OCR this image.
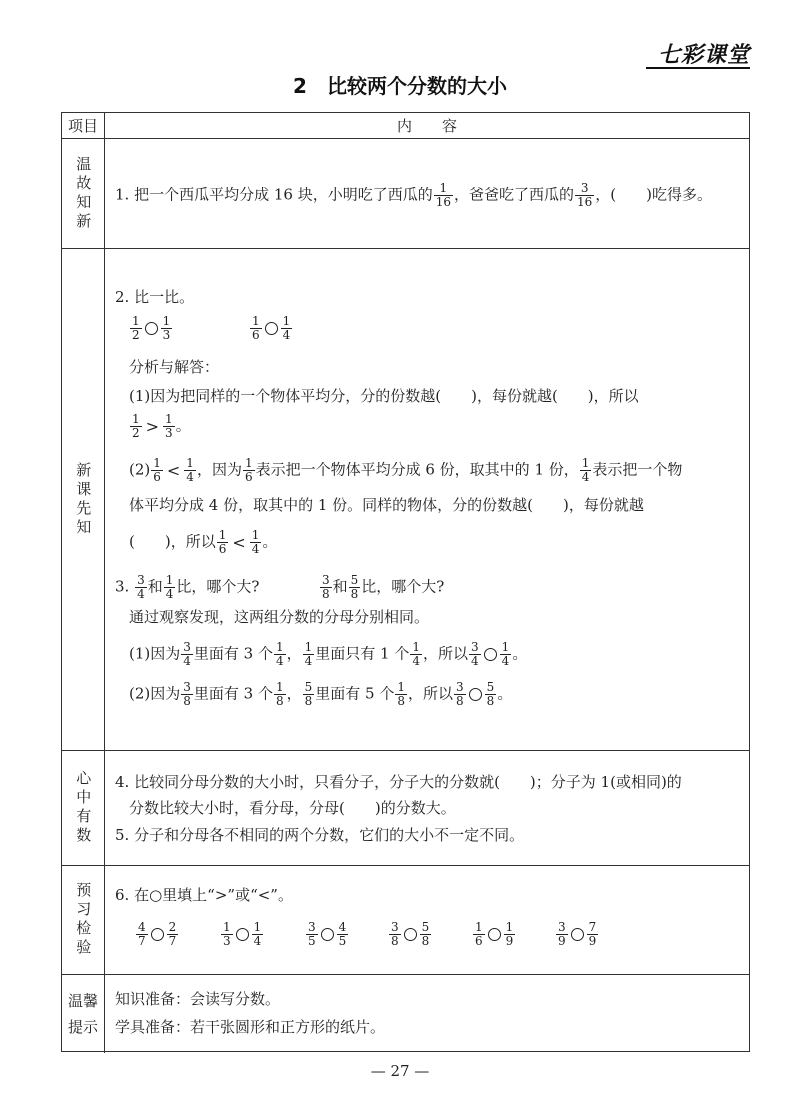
七彩课堂
2　比较两个分数的大小
项目	内　　容
温故知新 1. 把一个西瓜平均分成 16 块，小明吃了西瓜的 $\frac{1}{16}$ ，爸爸吃了西瓜的 $\frac{3}{16}$ ，(　　)吃得多。
新课先知
2. 比一比。
$\frac{1}{2} \frac{1}{3}$	$\frac{1}{6} \frac{1}{4}$
分析与解答：
(1)因为把同样的一个物体平均分，分的份数越(　　)，每份就越(　　)，所以
$\frac{1}{2} > \frac{1}{3}$ 。
$(2) \frac{1}{6} < \frac{1}{4}$ ，因为 $\frac{1}{6}$ 表示把一个物体平均分成 6 份，取其中的 1 份， $\frac{1}{4}$ 表示把一个物
体平均分成 4 份，取其中的 1 份。同样的物体，分的份数越(　　)，每份就越
(　　)，所以 $\frac{1}{6} < \frac{1}{4}$ 。
3. $\frac{3}{4}$ 和 $\frac{1}{4}$ 比，哪个大?	$\frac{3}{8}$ 和 $\frac{5}{8}$ 比，哪个大?
通过观察发现，这两组分数的分母分别相同。
(1)因为 $\frac{3}{4}$ 里面有 3 个 $\frac{1}{4}$ ， $\frac{1}{4}$ 里面只有 1 个 $\frac{1}{4}$ ，所以 $\frac{3}{4} \frac{1}{4}$ 。
(2)因为 $\frac{3}{8}$ 里面有 3 个 $\frac{1}{8}$ ， $\frac{5}{8}$ 里面有 5 个 $\frac{1}{8}$ ，所以 $\frac{3}{8} \frac{5}{8}$ 。
心中有数 4. 比较同分母分数的大小时，只看分子，分子大的分数就(　　)；分子为 1(或相同)的
分数比较大小时，看分母，分母(　　)的分数大。
5. 分子和分母各不相同的两个分数，它们的大小不一定不同。
预习检验 6. 在○里填上“>”或“<”。
$\frac{4}{7} \frac{2}{7}$	$\frac{1}{3} \frac{1}{4}$	$\frac{3}{5} \frac{4}{5}$	$\frac{3}{8} \frac{5}{8}$	$\frac{1}{6} \frac{1}{9}$	$\frac{3}{9} \frac{7}{9}$
温馨提示
知识准备：会读写分数。
学具准备：若干张圆形和正方形的纸片。
— 27 —
